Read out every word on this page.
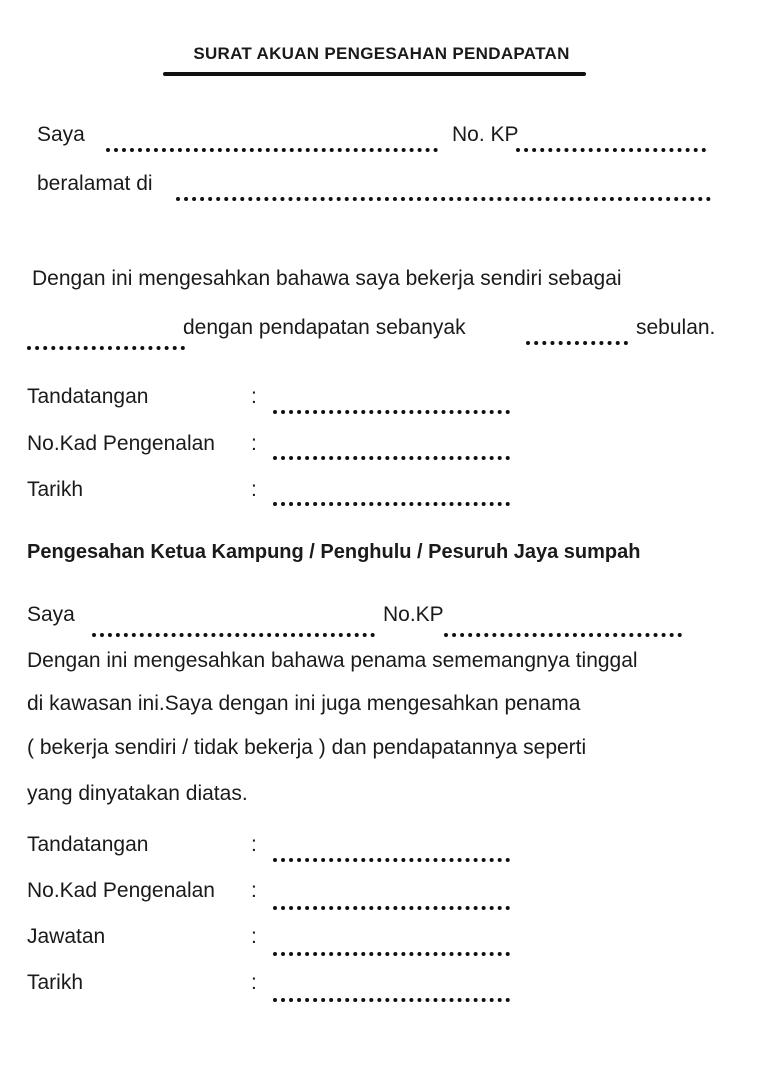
SURAT AKUAN PENGESAHAN PENDAPATAN
Saya	No. KP
beralamat di
Dengan ini mengesahkan bahawa saya bekerja sendiri sebagai
dengan pendapatan sebanyak	sebulan.
Tandatangan	:
No.Kad Pengenalan :
Tarikh	:
Pengesahan Ketua Kampung / Penghulu / Pesuruh Jaya sumpah
Saya	No.KP
Dengan ini mengesahkan bahawa penama sememangnya tinggal
di kawasan ini.Saya dengan ini juga mengesahkan penama
( bekerja sendiri / tidak bekerja ) dan pendapatannya seperti
yang dinyatakan diatas.
Tandatangan	:
No.Kad Pengenalan :
Jawatan	:
Tarikh	:
